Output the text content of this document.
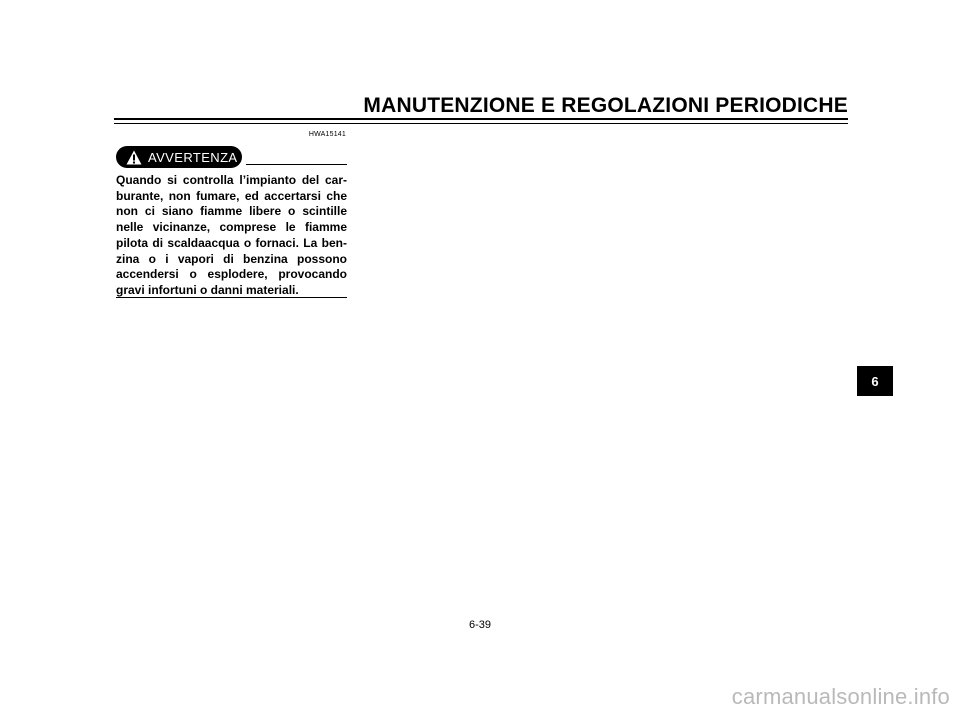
MANUTENZIONE E REGOLAZIONI PERIODICHE
HWA15141
AVVERTENZA
Quando si controlla l’impianto del car-
burante, non fumare, ed accertarsi che
non ci siano fiamme libere o scintille
nelle vicinanze, comprese le fiamme
pilota di scaldaacqua o fornaci. La ben-
zina o i vapori di benzina possono
accendersi o esplodere, provocando
gravi infortuni o danni materiali.
6
6-39
carmanualsonline.info
